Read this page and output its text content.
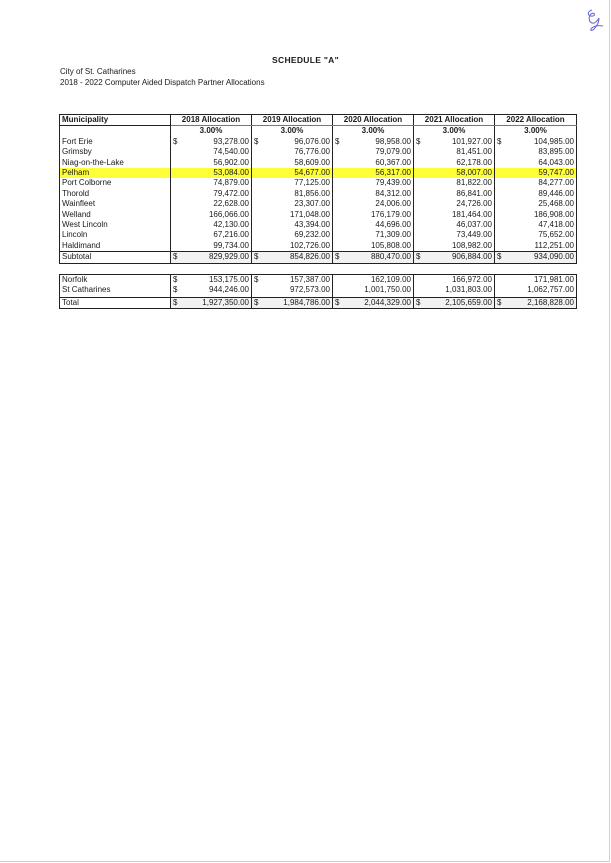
SCHEDULE "A"
City of St. Catharines
2018 - 2022 Computer Aided Dispatch Partner Allocations
Municipality	2018 Allocation	2019 Allocation	2020 Allocation	2021 Allocation	2022 Allocation
	3.00%	3.00%	3.00%	3.00%	3.00%
Fort Erie	$ 93,278.00	$ 96,076.00	$ 98,958.00	$ 101,927.00	$ 104,985.00

Grimsby	74,540.00	76,776.00	79,079.00	81,451.00	83,895.00

Niag-on-the-Lake	56,902.00	58,609.00	60,367.00	62,178.00	64,043.00

Pelham	53,084.00	54,677.00	56,317.00	58,007.00	59,747.00

Port Colborne	74,879.00	77,125.00	79,439.00	81,822.00	84,277.00

Thorold	79,472.00	81,856.00	84,312.00	86,841.00	89,446.00

Wainfleet	22,628.00	23,307.00	24,006.00	24,726.00	25,468.00

Welland	166,066.00	171,048.00	176,179.00	181,464.00	186,908.00

West Lincoln	42,130.00	43,394.00	44,696.00	46,037.00	47,418.00

Lincoln	67,216.00	69,232.00	71,309.00	73,449.00	75,652.00

Haldimand	99,734.00	102,726.00	105,808.00	108,982.00	112,251.00

Subtotal	$ 829,929.00	$ 854,826.00	$ 880,470.00	$ 906,884.00	$ 934,090.00

Norfolk	$ 153,175.00	$ 157,387.00	162,109.00	166,972.00	171,981.00

St Catharines	$ 944,246.00	972,573.00	1,001,750.00	1,031,803.00	1,062,757.00

Total	$ 1,927,350.00	$ 1,984,786.00	$ 2,044,329.00	$ 2,105,659.00	$ 2,168,828.00
